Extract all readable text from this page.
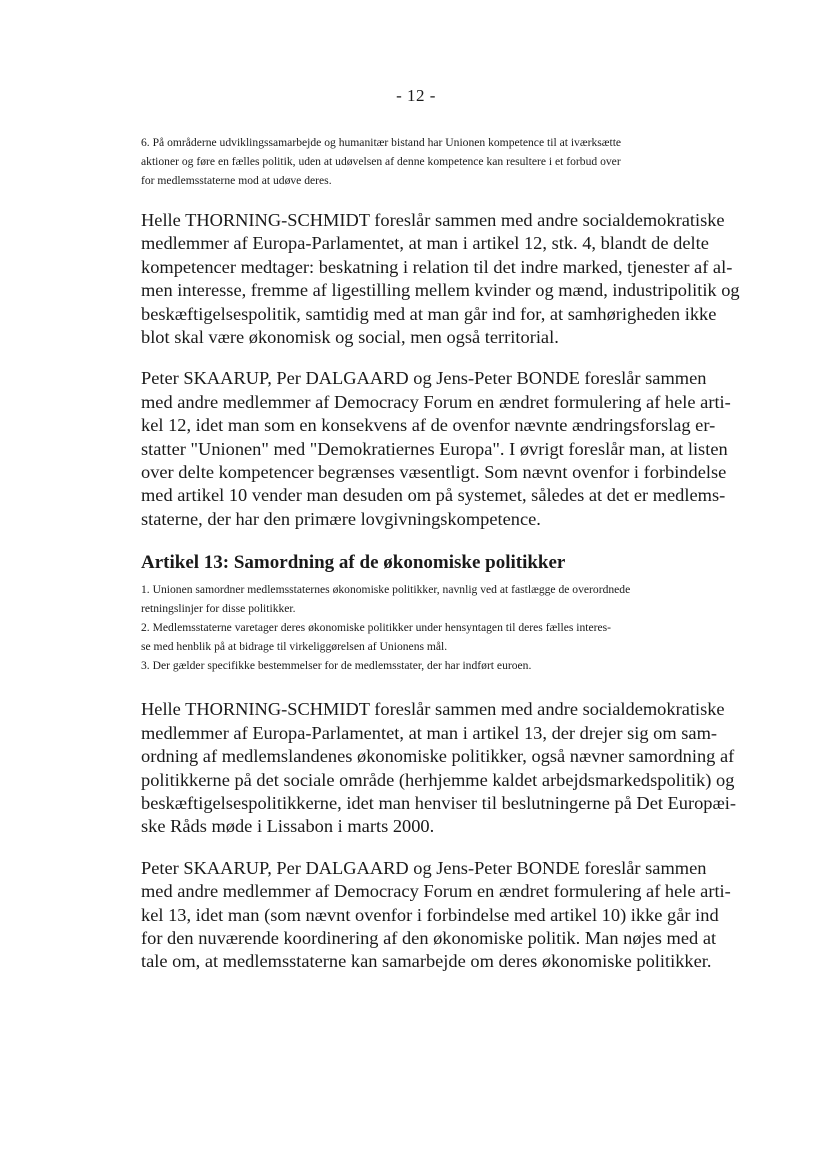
- 12 -
6. På områderne udviklingssamarbejde og humanitær bistand har Unionen kompetence til at iværksætte
aktioner og føre en fælles politik, uden at udøvelsen af denne kompetence kan resultere i et forbud over
for medlemsstaterne mod at udøve deres.
Helle THORNING-SCHMIDT foreslår sammen med andre socialdemokratiske
medlemmer af Europa-Parlamentet, at man i artikel 12, stk. 4, blandt de delte
kompetencer medtager: beskatning i relation til det indre marked, tjenester af al-
men interesse, fremme af ligestilling mellem kvinder og mænd, industripolitik og
beskæftigelsespolitik, samtidig med at man går ind for, at samhørigheden ikke
blot skal være økonomisk og social, men også territorial.
Peter SKAARUP, Per DALGAARD og Jens-Peter BONDE foreslår sammen
med andre medlemmer af Democracy Forum en ændret formulering af hele arti-
kel 12, idet man som en konsekvens af de ovenfor nævnte ændringsforslag er-
statter "Unionen" med "Demokratiernes Europa". I øvrigt foreslår man, at listen
over delte kompetencer begrænses væsentligt. Som nævnt ovenfor i forbindelse
med artikel 10 vender man desuden om på systemet, således at det er medlems-
staterne, der har den primære lovgivningskompetence.
Artikel 13: Samordning af de økonomiske politikker
1. Unionen samordner medlemsstaternes økonomiske politikker, navnlig ved at fastlægge de overordnede
retningslinjer for disse politikker.
2. Medlemsstaterne varetager deres økonomiske politikker under hensyntagen til deres fælles interes-
se med henblik på at bidrage til virkeliggørelsen af Unionens mål.
3. Der gælder specifikke bestemmelser for de medlemsstater, der har indført euroen.
Helle THORNING-SCHMIDT foreslår sammen med andre socialdemokratiske
medlemmer af Europa-Parlamentet, at man i artikel 13, der drejer sig om sam-
ordning af medlemslandenes økonomiske politikker, også nævner samordning af
politikkerne på det sociale område (herhjemme kaldet arbejdsmarkedspolitik) og
beskæftigelsespolitikkerne, idet man henviser til beslutningerne på Det Europæi-
ske Råds møde i Lissabon i marts 2000.
Peter SKAARUP, Per DALGAARD og Jens-Peter BONDE foreslår sammen
med andre medlemmer af Democracy Forum en ændret formulering af hele arti-
kel 13, idet man (som nævnt ovenfor i forbindelse med artikel 10) ikke går ind
for den nuværende koordinering af den økonomiske politik. Man nøjes med at
tale om, at medlemsstaterne kan samarbejde om deres økonomiske politikker.
